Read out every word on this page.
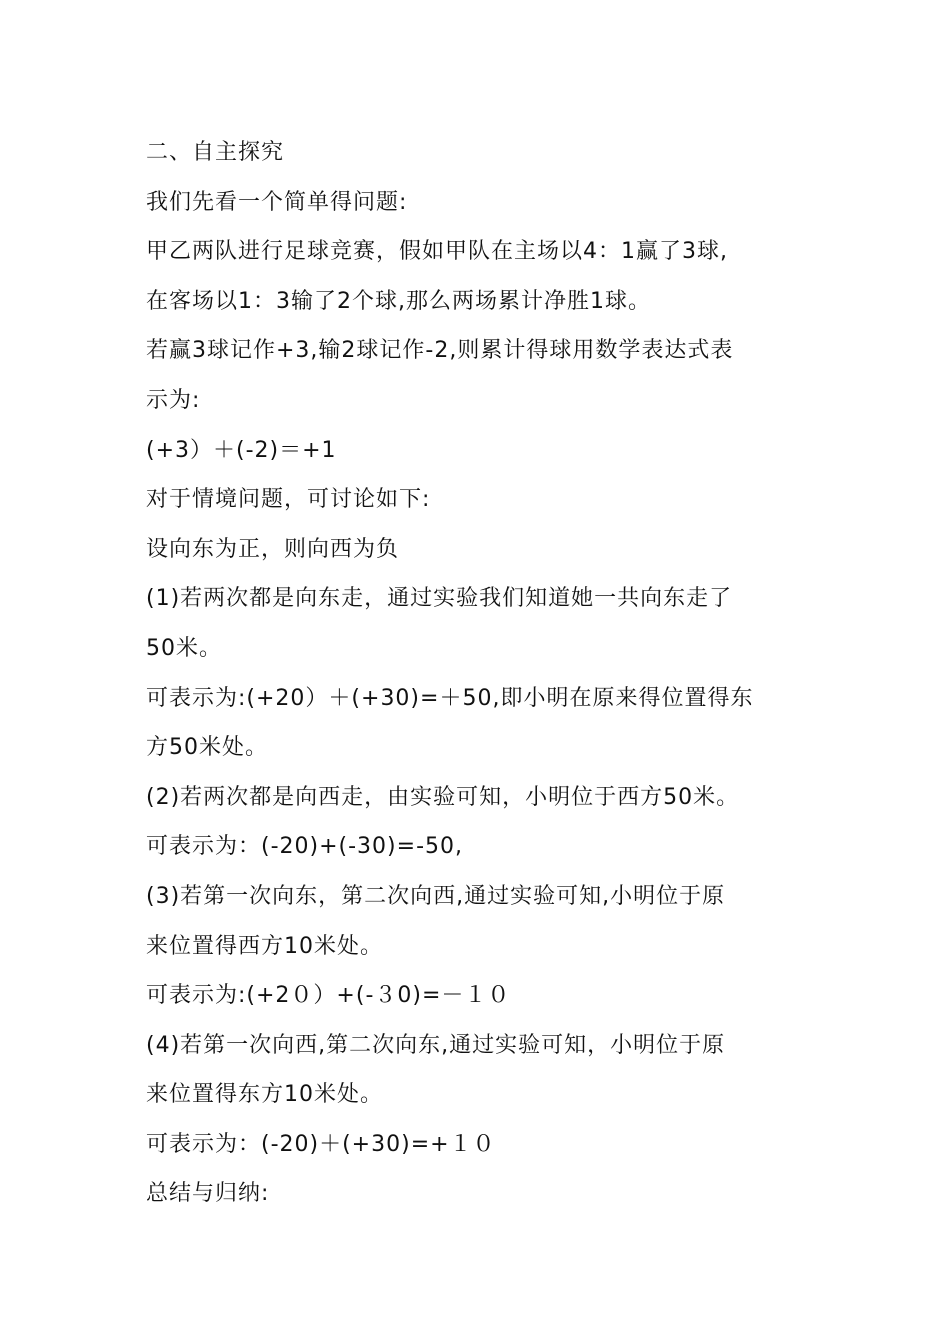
二、自主探究
我们先看一个简单得问题:
甲乙两队进行足球竞赛，假如甲队在主场以4：1赢了3球,
在客场以1：3输了2个球,那么两场累计净胜1球。
若赢3球记作+3,输2球记作-2,则累计得球用数学表达式表
示为:
(+3）＋(-2)＝+1
对于情境问题，可讨论如下:
设向东为正，则向西为负
(1)若两次都是向东走，通过实验我们知道她一共向东走了
50米。
可表示为:(+20）＋(+30)=＋50,即小明在原来得位置得东
方50米处。
(2)若两次都是向西走，由实验可知，小明位于西方50米。
可表示为：(-20)+(-30)=-50,
(3)若第一次向东，第二次向西,通过实验可知,小明位于原
来位置得西方10米处。
可表示为:(+2０）+(-３0)=－１０
(4)若第一次向西,第二次向东,通过实验可知，小明位于原
来位置得东方10米处。
可表示为：(-20)＋(+30)=+１０
总结与归纳:
